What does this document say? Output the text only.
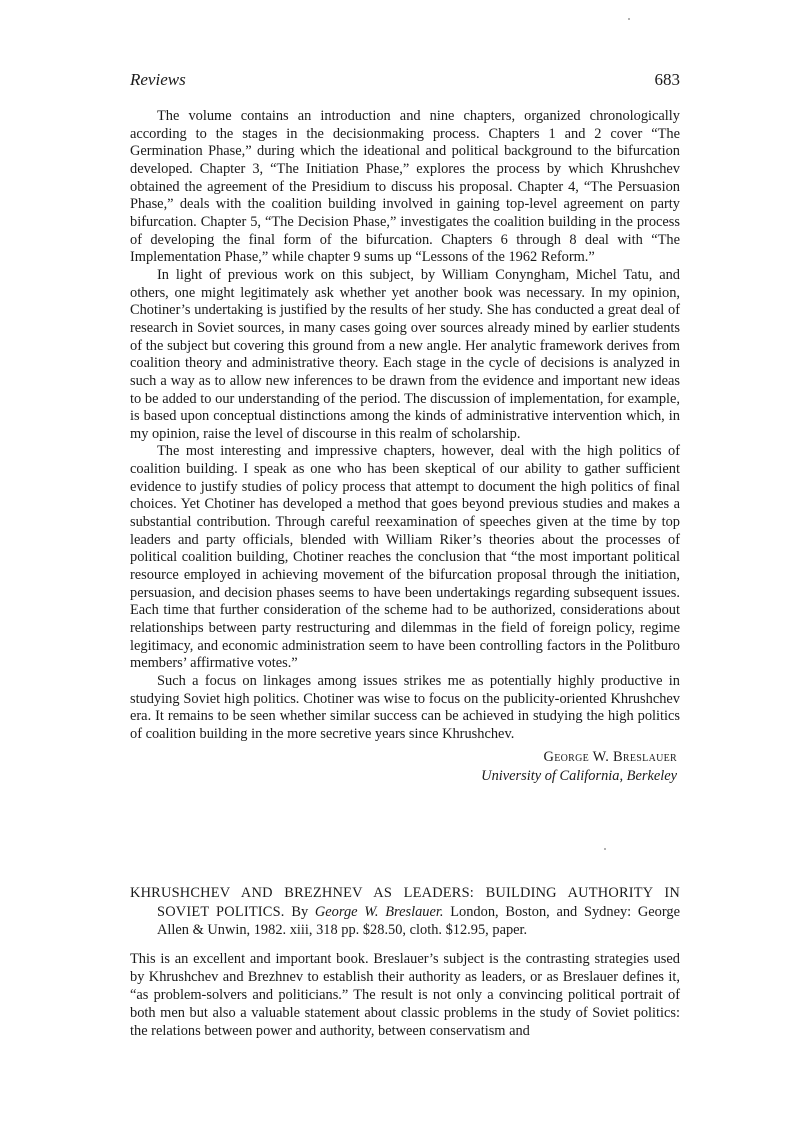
Reviews	683

The volume contains an introduction and nine chapters, organized chronologically according to the stages in the decisionmaking process. Chapters 1 and 2 cover “The Germination Phase,” during which the ideational and political background to the bifurcation developed. Chapter 3, “The Initiation Phase,” explores the process by which Khrushchev obtained the agreement of the Presidium to discuss his proposal. Chapter 4, “The Persuasion Phase,” deals with the coalition building involved in gaining top-level agreement on party bifurcation. Chapter 5, “The Decision Phase,” investigates the coalition building in the process of developing the final form of the bifurcation. Chapters 6 through 8 deal with “The Implementation Phase,” while chapter 9 sums up “Lessons of the 1962 Reform.”

In light of previous work on this subject, by William Conyngham, Michel Tatu, and others, one might legitimately ask whether yet another book was necessary. In my opinion, Chotiner’s undertaking is justified by the results of her study. She has conducted a great deal of research in Soviet sources, in many cases going over sources already mined by earlier students of the subject but covering this ground from a new angle. Her analytic framework derives from coalition theory and administrative theory. Each stage in the cycle of decisions is analyzed in such a way as to allow new inferences to be drawn from the evidence and important new ideas to be added to our understanding of the period. The discussion of implementation, for example, is based upon conceptual distinctions among the kinds of administrative intervention which, in my opinion, raise the level of discourse in this realm of scholarship.

The most interesting and impressive chapters, however, deal with the high politics of coalition building. I speak as one who has been skeptical of our ability to gather sufficient evidence to justify studies of policy process that attempt to document the high politics of final choices. Yet Chotiner has developed a method that goes beyond previous studies and makes a substantial contribution. Through careful reexamination of speeches given at the time by top leaders and party officials, blended with William Riker’s theories about the processes of political coalition building, Chotiner reaches the conclusion that “the most important political resource employed in achieving movement of the bifurcation proposal through the initiation, persuasion, and decision phases seems to have been undertakings regarding subsequent issues. Each time that further consideration of the scheme had to be authorized, considerations about relationships between party restructuring and dilemmas in the field of foreign policy, regime legitimacy, and economic administration seem to have been controlling factors in the Politburo members’ affirmative votes.”

Such a focus on linkages among issues strikes me as potentially highly productive in studying Soviet high politics. Chotiner was wise to focus on the publicity-oriented Khrushchev era. It remains to be seen whether similar success can be achieved in studying the high politics of coalition building in the more secretive years since Khrushchev.

George W. Breslauer
University of California, Berkeley
KHRUSHCHEV AND BREZHNEV AS LEADERS: BUILDING AUTHORITY IN SOVIET POLITICS. By George W. Breslauer. London, Boston, and Sydney: George Allen & Unwin, 1982. xiii, 318 pp. $28.50, cloth. $12.95, paper.

This is an excellent and important book. Breslauer’s subject is the contrasting strategies used by Khrushchev and Brezhnev to establish their authority as leaders, or as Breslauer defines it, “as problem-solvers and politicians.” The result is not only a convincing political portrait of both men but also a valuable statement about classic problems in the study of Soviet politics: the relations between power and authority, between conservatism and
